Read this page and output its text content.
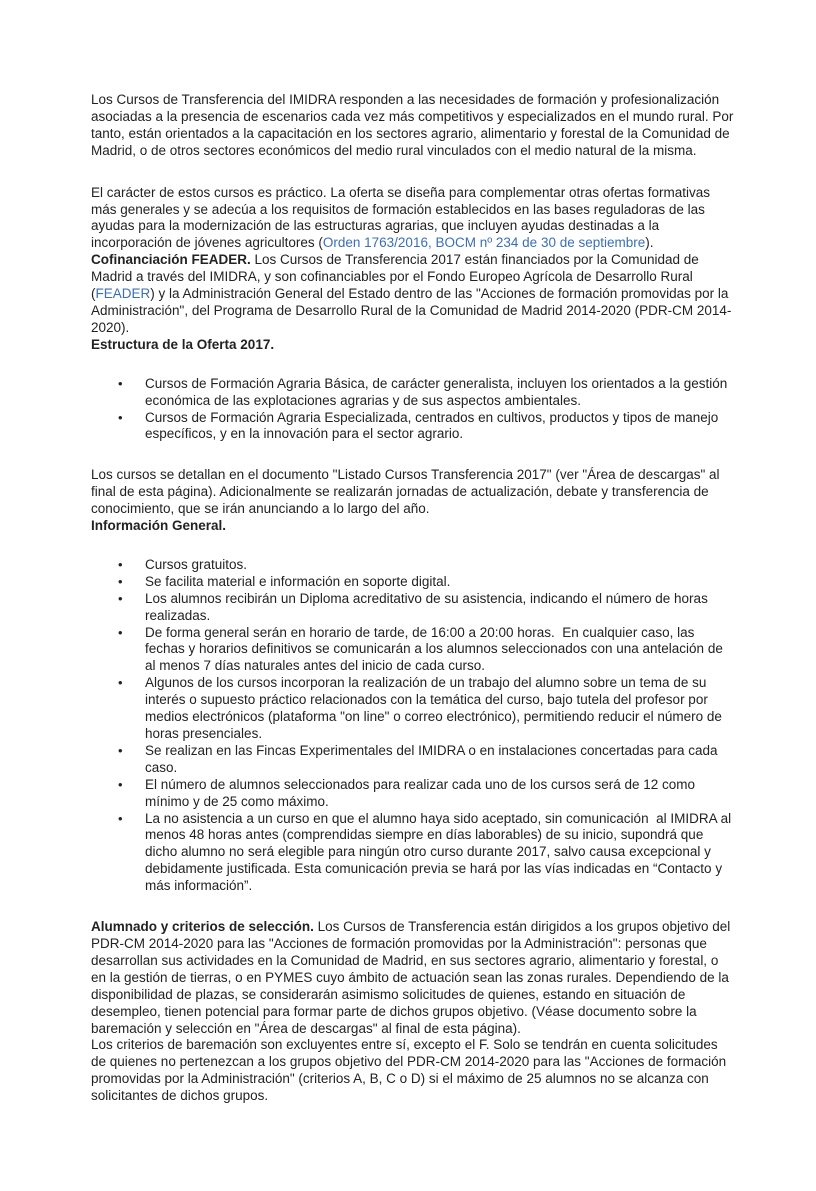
Los Cursos de Transferencia del IMIDRA responden a las necesidades de formación y profesionalización asociadas a la presencia de escenarios cada vez más competitivos y especializados en el mundo rural. Por tanto, están orientados a la capacitación en los sectores agrario, alimentario y forestal de la Comunidad de Madrid, o de otros sectores económicos del medio rural vinculados con el medio natural de la misma.

El carácter de estos cursos es práctico. La oferta se diseña para complementar otras ofertas formativas más generales y se adecúa a los requisitos de formación establecidos en las bases reguladoras de las ayudas para la modernización de las estructuras agrarias, que incluyen ayudas destinadas a la incorporación de jóvenes agricultores (Orden 1763/2016, BOCM nº 234 de 30 de septiembre).

Cofinanciación FEADER. Los Cursos de Transferencia 2017 están financiados por la Comunidad de Madrid a través del IMIDRA, y son cofinanciables por el Fondo Europeo Agrícola de Desarrollo Rural (FEADER) y la Administración General del Estado dentro de las "Acciones de formación promovidas por la Administración", del Programa de Desarrollo Rural de la Comunidad de Madrid 2014-2020 (PDR-CM 2014-2020).

Estructura de la Oferta 2017.

• Cursos de Formación Agraria Básica, de carácter generalista, incluyen los orientados a la gestión económica de las explotaciones agrarias y de sus aspectos ambientales.
• Cursos de Formación Agraria Especializada, centrados en cultivos, productos y tipos de manejo específicos, y en la innovación para el sector agrario.

Los cursos se detallan en el documento "Listado Cursos Transferencia 2017" (ver "Área de descargas" al final de esta página). Adicionalmente se realizarán jornadas de actualización, debate y transferencia de conocimiento, que se irán anunciando a lo largo del año.

Información General.

• Cursos gratuitos.
• Se facilita material e información en soporte digital.
• Los alumnos recibirán un Diploma acreditativo de su asistencia, indicando el número de horas realizadas.
• De forma general serán en horario de tarde, de 16:00 a 20:00 horas.  En cualquier caso, las fechas y horarios definitivos se comunicarán a los alumnos seleccionados con una antelación de al menos 7 días naturales antes del inicio de cada curso.
• Algunos de los cursos incorporan la realización de un trabajo del alumno sobre un tema de su interés o supuesto práctico relacionados con la temática del curso, bajo tutela del profesor por medios electrónicos (plataforma "on line" o correo electrónico), permitiendo reducir el número de horas presenciales.
• Se realizan en las Fincas Experimentales del IMIDRA o en instalaciones concertadas para cada caso.
• El número de alumnos seleccionados para realizar cada uno de los cursos será de 12 como mínimo y de 25 como máximo.
• La no asistencia a un curso en que el alumno haya sido aceptado, sin comunicación  al IMIDRA al menos 48 horas antes (comprendidas siempre en días laborables) de su inicio, supondrá que dicho alumno no será elegible para ningún otro curso durante 2017, salvo causa excepcional y debidamente justificada. Esta comunicación previa se hará por las vías indicadas en “Contacto y más información”.

Alumnado y criterios de selección. Los Cursos de Transferencia están dirigidos a los grupos objetivo del PDR-CM 2014-2020 para las "Acciones de formación promovidas por la Administración": personas que desarrollan sus actividades en la Comunidad de Madrid, en sus sectores agrario, alimentario y forestal, o en la gestión de tierras, o en PYMES cuyo ámbito de actuación sean las zonas rurales. Dependiendo de la disponibilidad de plazas, se considerarán asimismo solicitudes de quienes, estando en situación de desempleo, tienen potencial para formar parte de dichos grupos objetivo. (Véase documento sobre la baremación y selección en "Área de descargas" al final de esta página).

Los criterios de baremación son excluyentes entre sí, excepto el F. Solo se tendrán en cuenta solicitudes de quienes no pertenezcan a los grupos objetivo del PDR-CM 2014-2020 para las "Acciones de formación promovidas por la Administración" (criterios A, B, C o D) si el máximo de 25 alumnos no se alcanza con solicitantes de dichos grupos.
